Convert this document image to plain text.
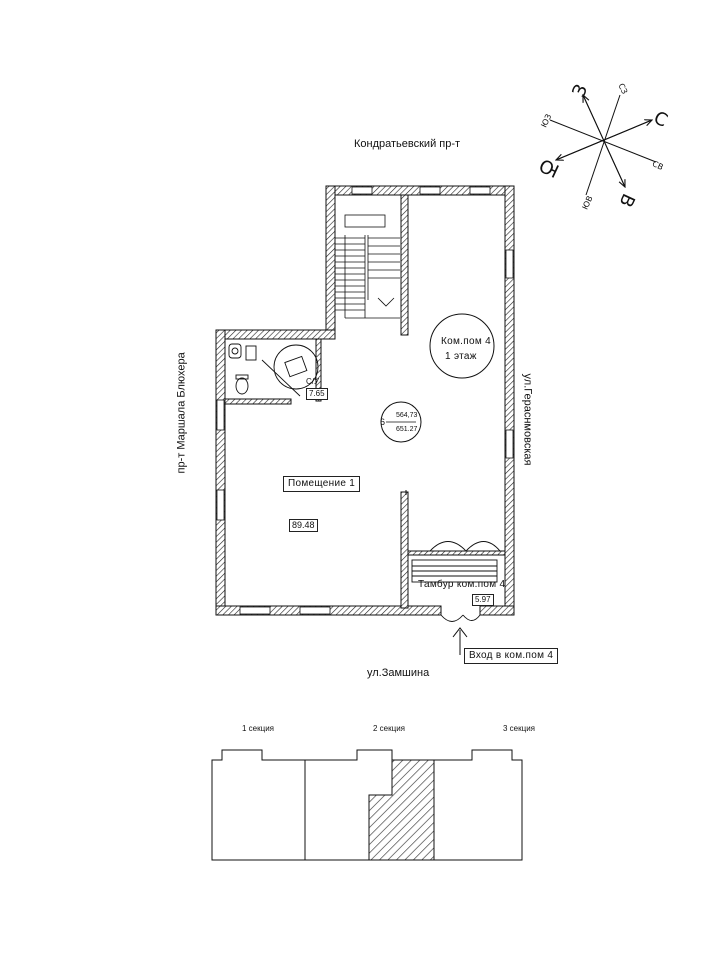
Кондратьевский пр-т
ул.Замшина
пр-т Маршала Блюхера	ул.Гераснмовская
З
С
Ю
В
СЗ
ЮЗ
СВ
ЮВ
С/У
7.65
Помещение 1
89.48
Тамбур ком.пом 4
5.97
Ком.пом 4
1 этаж
6
564,73
651.27
Вход в ком.пом 4
1 секция	2 секция	3 секция
